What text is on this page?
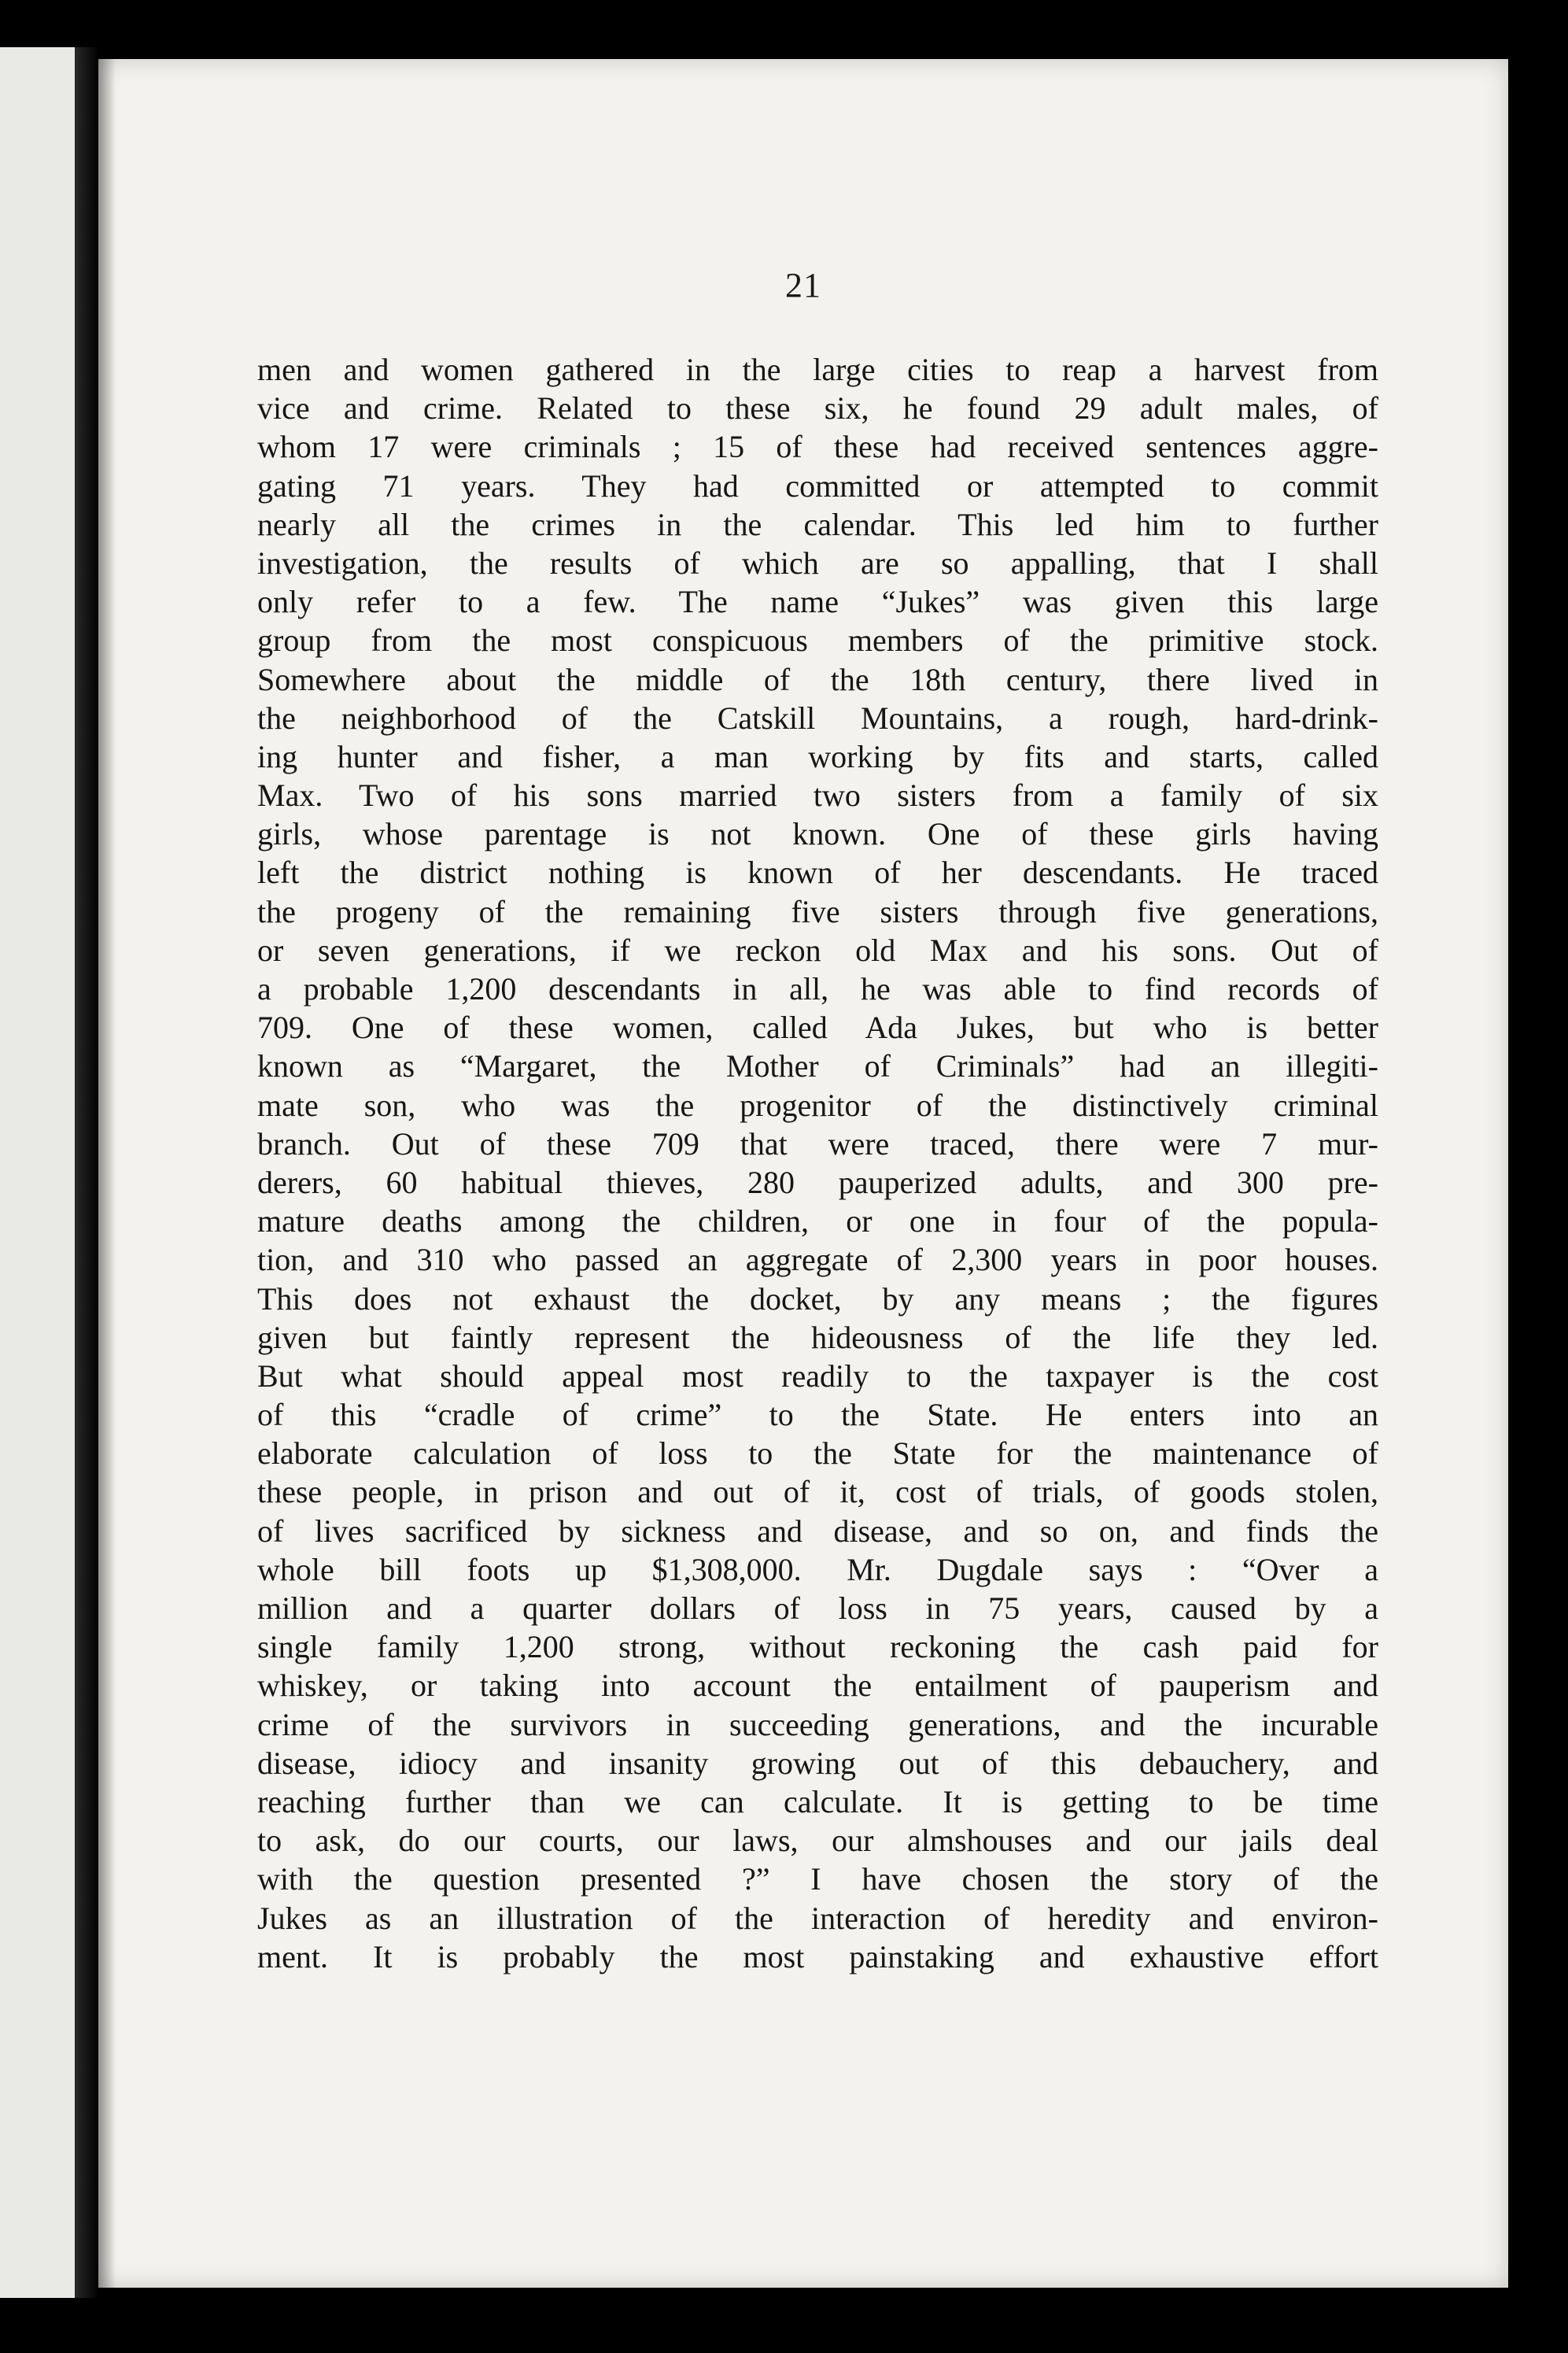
21
men and women gathered in the large cities to reap a harvest from
vice and crime. Related to these six, he found 29 adult males, of
whom 17 were criminals ; 15 of these had received sentences aggre-
gating 71 years. They had committed or attempted to commit
nearly all the crimes in the calendar. This led him to further
investigation, the results of which are so appalling, that I shall
only refer to a few. The name “Jukes” was given this large
group from the most conspicuous members of the primitive stock.
Somewhere about the middle of the 18th century, there lived in
the neighborhood of the Catskill Mountains, a rough, hard-drink-
ing hunter and fisher, a man working by fits and starts, called
Max. Two of his sons married two sisters from a family of six
girls, whose parentage is not known. One of these girls having
left the district nothing is known of her descendants. He traced
the progeny of the remaining five sisters through five generations,
or seven generations, if we reckon old Max and his sons. Out of
a probable 1,200 descendants in all, he was able to find records of
709. One of these women, called Ada Jukes, but who is better
known as “Margaret, the Mother of Criminals” had an illegiti-
mate son, who was the progenitor of the distinctively criminal
branch. Out of these 709 that were traced, there were 7 mur-
derers, 60 habitual thieves, 280 pauperized adults, and 300 pre-
mature deaths among the children, or one in four of the popula-
tion, and 310 who passed an aggregate of 2,300 years in poor houses.
This does not exhaust the docket, by any means ; the figures
given but faintly represent the hideousness of the life they led.
But what should appeal most readily to the taxpayer is the cost
of this “cradle of crime” to the State. He enters into an
elaborate calculation of loss to the State for the maintenance of
these people, in prison and out of it, cost of trials, of goods stolen,
of lives sacrificed by sickness and disease, and so on, and finds the
whole bill foots up $1,308,000. Mr. Dugdale says : “Over a
million and a quarter dollars of loss in 75 years, caused by a
single family 1,200 strong, without reckoning the cash paid for
whiskey, or taking into account the entailment of pauperism and
crime of the survivors in succeeding generations, and the incurable
disease, idiocy and insanity growing out of this debauchery, and
reaching further than we can calculate. It is getting to be time
to ask, do our courts, our laws, our almshouses and our jails deal
with the question presented ?” I have chosen the story of the
Jukes as an illustration of the interaction of heredity and environ-
ment. It is probably the most painstaking and exhaustive effort
